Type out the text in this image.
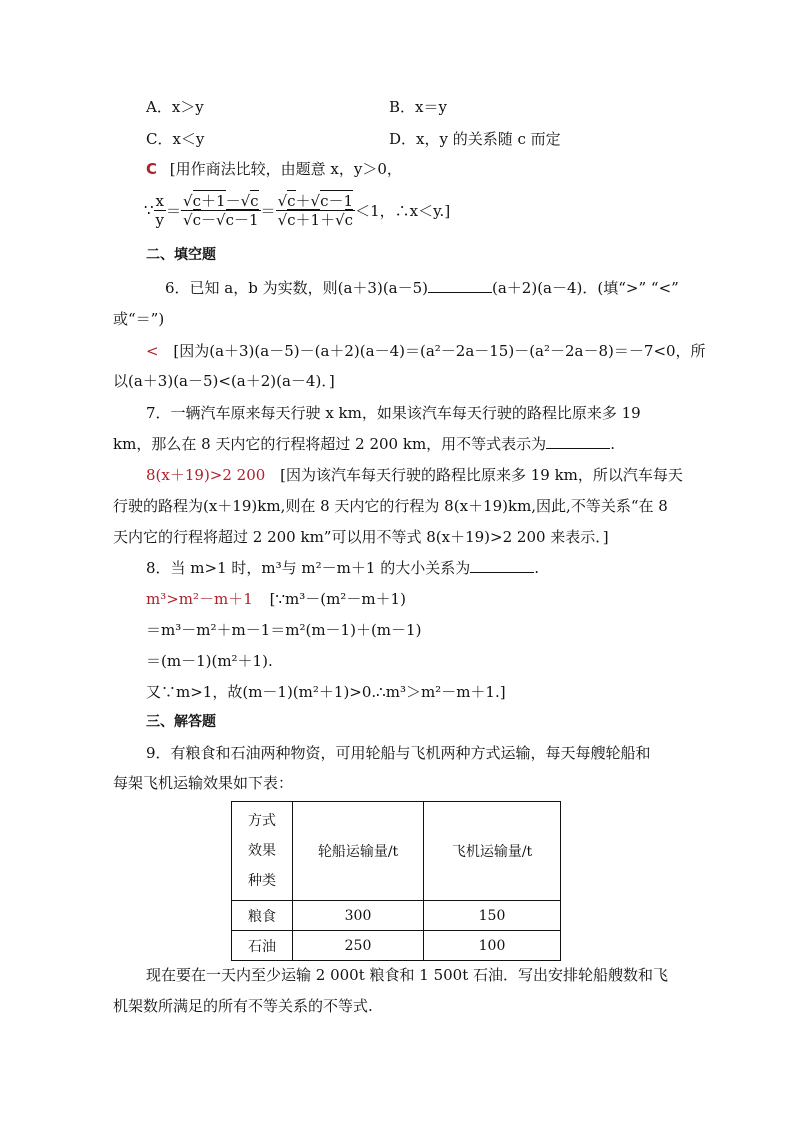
A．x＞y	B．x＝y
C．x＜y	D．x，y 的关系随 c 而定
C [用作商法比较，由题意 x，y＞0，
∵ $\frac{x}{y} = \frac{√c+1-√c}{√c-√c-1} = \frac{√c+√c-1}{√c+1+√c} <1$，∴x＜y.]
二、填空题
6．已知 a，b 为实数，则(a＋3)(a－5)	(a＋2)(a－4)．(填“>” “<”
或“＝”)
< [因为(a＋3)(a－5)－(a＋2)(a－4)＝(a²－2a－15)－(a²－2a－8)＝－7<0，所
以(a＋3)(a－5)<(a＋2)(a－4)．]
7．一辆汽车原来每天行驶 x km，如果该汽车每天行驶的路程比原来多 19
km，那么在 8 天内它的行程将超过 2 200 km，用不等式表示为	.
8(x＋19)>2 200 [因为该汽车每天行驶的路程比原来多 19 km，所以汽车每天
行驶的路程为(x＋19)km,则在 8 天内它的行程为 8(x＋19)km,因此,不等关系“在 8
天内它的行程将超过 2 200 km”可以用不等式 8(x＋19)>2 200 来表示．]
8．当 m>1 时，m³与 m²－m＋1 的大小关系为	.
m³>m²－m＋1 [∵m³－(m²－m＋1)
＝m³－m²＋m－1＝m²(m－1)＋(m－1)
＝(m－1)(m²＋1).
又∵m>1，故(m－1)(m²＋1)>0.∴m³＞m²－m＋1.]
三、解答题
9．有粮食和石油两种物资，可用轮船与飞机两种方式运输，每天每艘轮船和
每架飞机运输效果如下表：
方式
效果
种类	轮船运输量/t	飞机运输量/t
粮食	300	150
石油	250	100
现在要在一天内至少运输 2 000t 粮食和 1 500t 石油．写出安排轮船艘数和飞
机架数所满足的所有不等关系的不等式.
